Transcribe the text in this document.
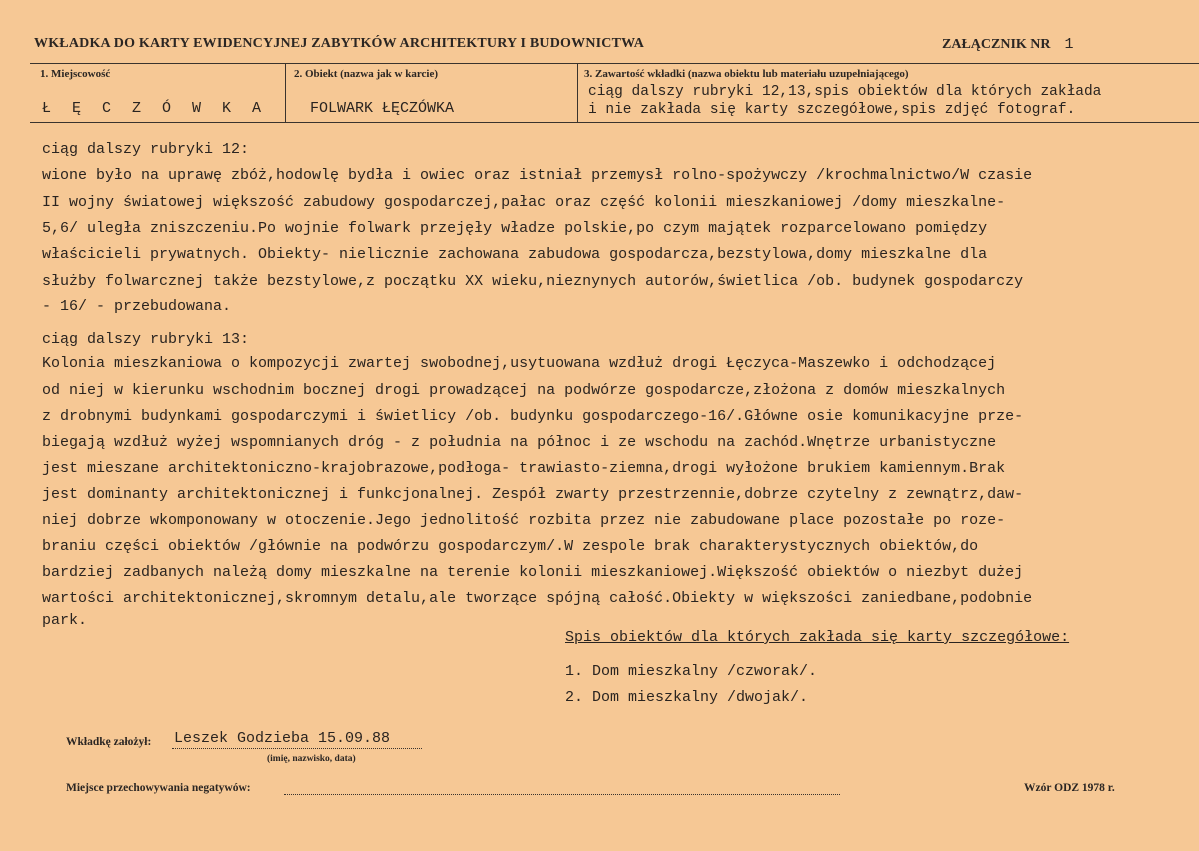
WKŁADKA DO KARTY EWIDENCYJNEJ ZABYTKÓW ARCHITEKTURY I BUDOWNICTWA	ZAŁĄCZNIK NR 1
1. Miejscowość
Ł Ę C Z Ó W K A
2. Obiekt (nazwa jak w karcie)
FOLWARK ŁĘCZÓWKA
3. Zawartość wkładki (nazwa obiektu lub materiału uzupełniającego)
ciąg dalszy rubryki 12,13,spis obiektów dla których zakłada
i nie zakłada się karty szczegółowe,spis zdjęć fotograf.
ciąg dalszy rubryki 12:
wione było na uprawę zbóż,hodowlę bydła i owiec oraz istniał przemysł rolno-spożywczy /krochmalnictwo/W czasie
II wojny światowej większość zabudowy gospodarczej,pałac oraz część kolonii mieszkaniowej /domy mieszkalne-
5,6/ uległa zniszczeniu.Po wojnie folwark przejęły władze polskie,po czym majątek rozparcelowano pomiędzy
właścicieli prywatnych. Obiekty- nielicznie zachowana zabudowa gospodarcza,bezstylowa,domy mieszkalne dla
służby folwarcznej także bezstylowe,z początku XX wieku,nieznynych autorów,świetlica /ob. budynek gospodarczy
- 16/ - przebudowana.
ciąg dalszy rubryki 13:
Kolonia mieszkaniowa o kompozycji zwartej swobodnej,usytuowana wzdłuż drogi Łęczyca-Maszewko i odchodzącej
od niej w kierunku wschodnim bocznej drogi prowadzącej na podwórze gospodarcze,złożona z domów mieszkalnych
z drobnymi budynkami gospodarczymi i świetlicy /ob. budynku gospodarczego-16/.Główne osie komunikacyjne prze-
biegają wzdłuż wyżej wspomnianych dróg - z południa na północ i ze wschodu na zachód.Wnętrze urbanistyczne
jest mieszane architektoniczno-krajobrazowe,podłoga- trawiasto-ziemna,drogi wyłożone brukiem kamiennym.Brak
jest dominanty architektonicznej i funkcjonalnej. Zespół zwarty przestrzennie,dobrze czytelny z zewnątrz,daw-
niej dobrze wkomponowany w otoczenie.Jego jednolitość rozbita przez nie zabudowane place pozostałe po roze-
braniu części obiektów /głównie na podwórzu gospodarczym/.W zespole brak charakterystycznych obiektów,do
bardziej zadbanych należą domy mieszkalne na terenie kolonii mieszkaniowej.Większość obiektów o niezbyt dużej
wartości architektonicznej,skromnym detalu,ale tworzące spójną całość.Obiekty w większości zaniedbane,podobnie
park.
Spis obiektów dla których zakłada się karty szczegółowe:
1. Dom mieszkalny /czworak/.
2. Dom mieszkalny /dwojak/.
Wkładkę założył: Leszek Godzieba 15.09.88
(imię, nazwisko, data)
Miejsce przechowywania negatywów:	Wzór ODZ 1978 r.
